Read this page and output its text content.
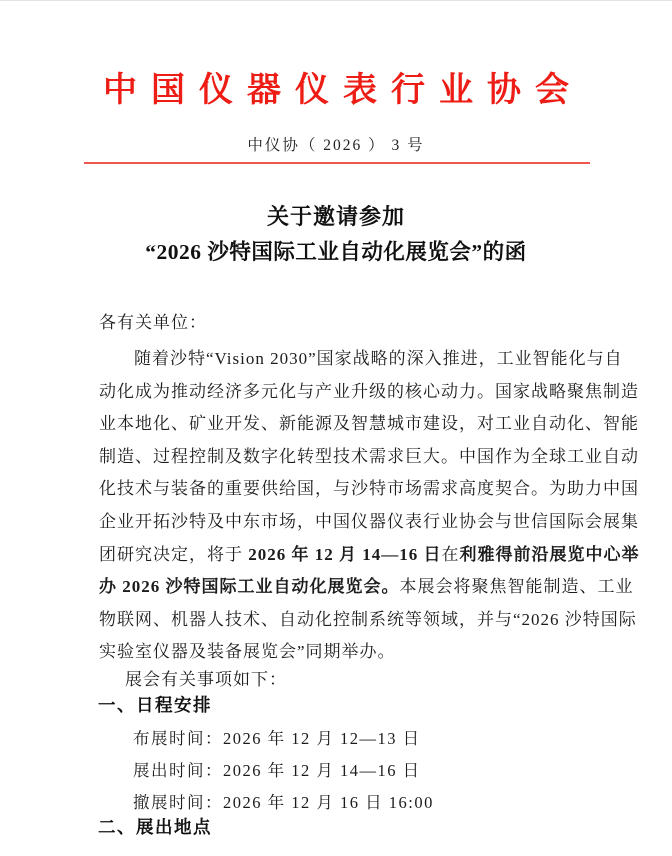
中国仪器仪表行业协会
中仪协（ 2026 ） 3 号
关于邀请参加
“2026 沙特国际工业自动化展览会”的函
各有关单位：
随着沙特“Vision 2030”国家战略的深入推进，工业智能化与自
动化成为推动经济多元化与产业升级的核心动力。国家战略聚焦制造
业本地化、矿业开发、新能源及智慧城市建设，对工业自动化、智能
制造、过程控制及数字化转型技术需求巨大。中国作为全球工业自动
化技术与装备的重要供给国，与沙特市场需求高度契合。为助力中国
企业开拓沙特及中东市场，中国仪器仪表行业协会与世信国际会展集
团研究决定，将于 2026 年 12 月 14—16 日在利雅得前沿展览中心举
办 2026 沙特国际工业自动化展览会。本展会将聚焦智能制造、工业
物联网、机器人技术、自动化控制系统等领域，并与“2026 沙特国际
实验室仪器及装备展览会”同期举办。
展会有关事项如下：
一、日程安排
布展时间：2026 年 12 月 12—13 日
展出时间：2026 年 12 月 14—16 日
撤展时间：2026 年 12 月 16 日 16:00
二、展出地点
